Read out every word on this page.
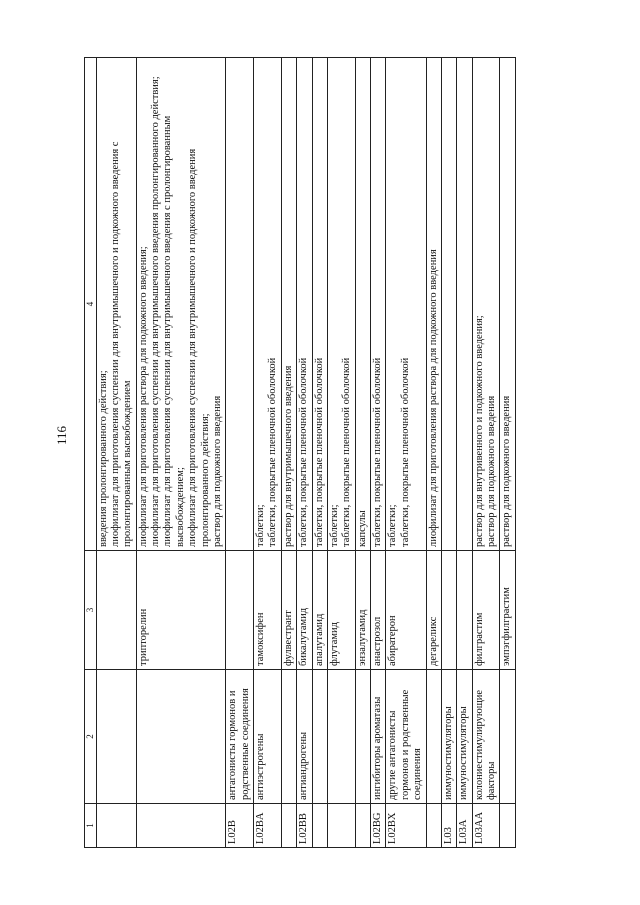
116
1	2	3	4

			введения пролонгированного действия; лиофилизат для приготовления суспензии для внутримышечного и подкожного введения с пролонгированным высвобождением

		трипторелин	лиофилизат для приготовления раствора для подкожного введения; лиофилизат для приготовления суспензии для внутримышечного введения пролонгированного действия; лиофилизат для приготовления суспензии для внутримышечного введения с пролонгированным высвобождением; лиофилизат для приготовления суспензии для внутримышечного и подкожного введения пролонгированного действия; раствор для подкожного введения

L02B	антагонисты гормонов и родственные соединения		
L02BA	антиэстрогены	тамоксифен	таблетки; таблетки, покрытые пленочной оболочкой

		фулвестрант	раствор для внутримышечного введения

L02BB	антиандрогены	бикалутамид	таблетки, покрытые пленочной оболочкой

		апалутамид	таблетки, покрытые пленочной оболочкой

		флутамид	таблетки; таблетки, покрытые пленочной оболочкой

		энзалутамид	капсулы

L02BG	ингибиторы ароматазы	анастрозол	таблетки, покрытые пленочной оболочкой

L02BX	другие антагонисты гормонов и родственные соединения	абиратерон	таблетки; таблетки, покрытые пленочной оболочкой

		дегареликс	лиофилизат для приготовления раствора для подкожного введения

L03	иммуностимуляторы		
L03A	иммуностимуляторы		
L03AA	колониестимулирующие факторы	филграстим	раствор для внутривенного и подкожного введения; раствор для подкожного введения

		эмпэгфилграстим	раствор для подкожного введения
